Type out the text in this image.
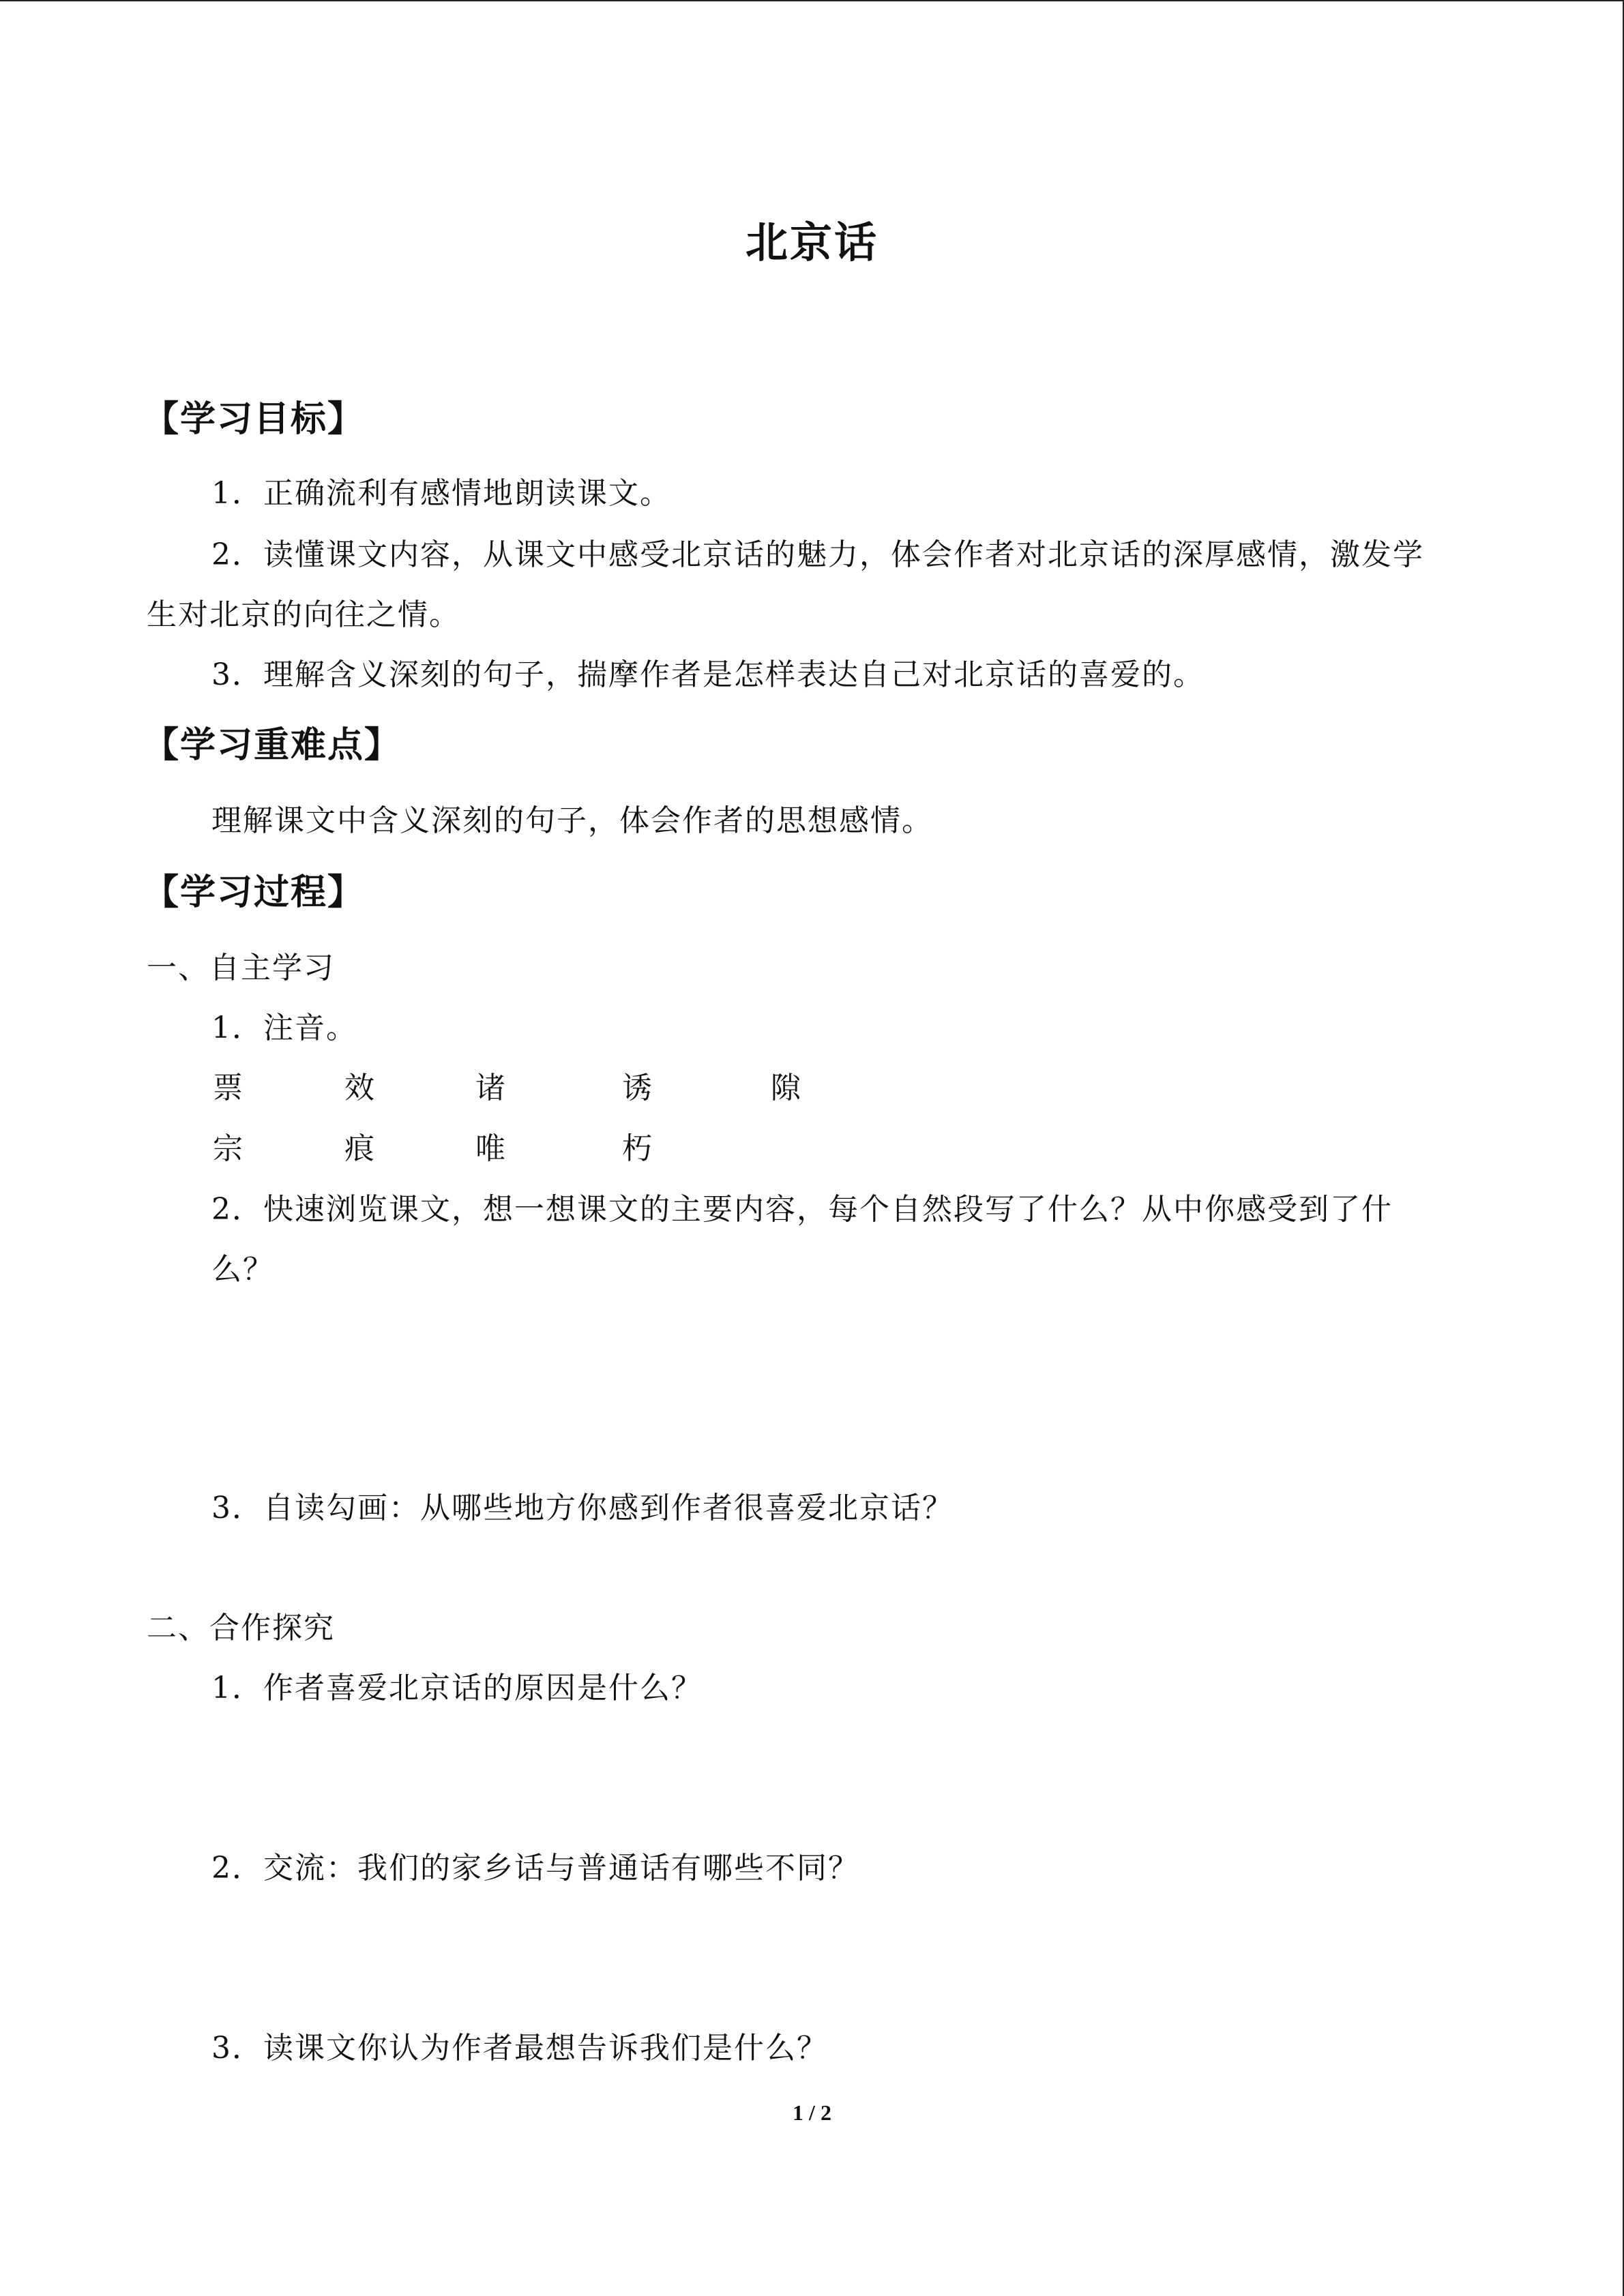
北京话
【学习目标】
1．正确流利有感情地朗读课文。
2．读懂课文内容，从课文中感受北京话的魅力，体会作者对北京话的深厚感情，激发学
生对北京的向往之情。
3．理解含义深刻的句子，揣摩作者是怎样表达自己对北京话的喜爱的。
【学习重难点】
理解课文中含义深刻的句子，体会作者的思想感情。
【学习过程】
一、自主学习
1．注音。
票	效	诸	诱	隙
宗	痕	唯	朽
2．快速浏览课文，想一想课文的主要内容，每个自然段写了什么？从中你感受到了什
么？
3．自读勾画：从哪些地方你感到作者很喜爱北京话？
二、合作探究
1．作者喜爱北京话的原因是什么？
2．交流：我们的家乡话与普通话有哪些不同？
3．读课文你认为作者最想告诉我们是什么？
1 / 2
